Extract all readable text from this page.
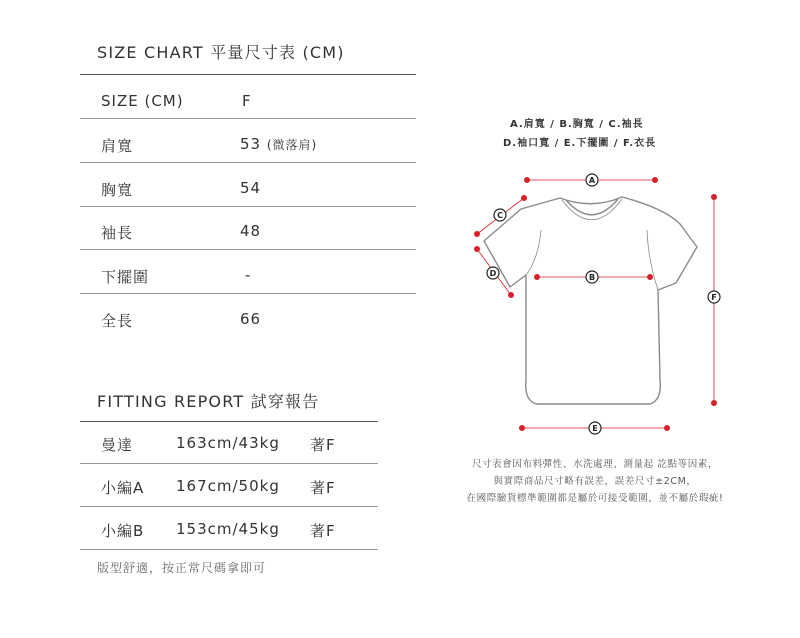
SIZE CHART 平量尺寸表 (CM)
SIZE (CM)	F
肩寬	53 (微落肩)
胸寬	54
袖長	48
下擺圍	-
全長	66
FITTING REPORT 試穿報告
曼達	163cm/43kg 著F
小編A 167cm/50kg 著F
小編B 153cm/45kg 著F
版型舒適，按正常尺碼拿即可
A.肩寬 / B.胸寬 / C.袖長
D.袖口寬 / E.下擺圍 / F.衣長
A
B
C
D
E
F
尺寸表會因布料彈性、水洗處理、測量起 訖點等因素，
與實際商品尺寸略有誤差，誤差尺寸±2CM，
在國際驗貨標準範圍都是屬於可接受範圍，並不屬於瑕疵!
